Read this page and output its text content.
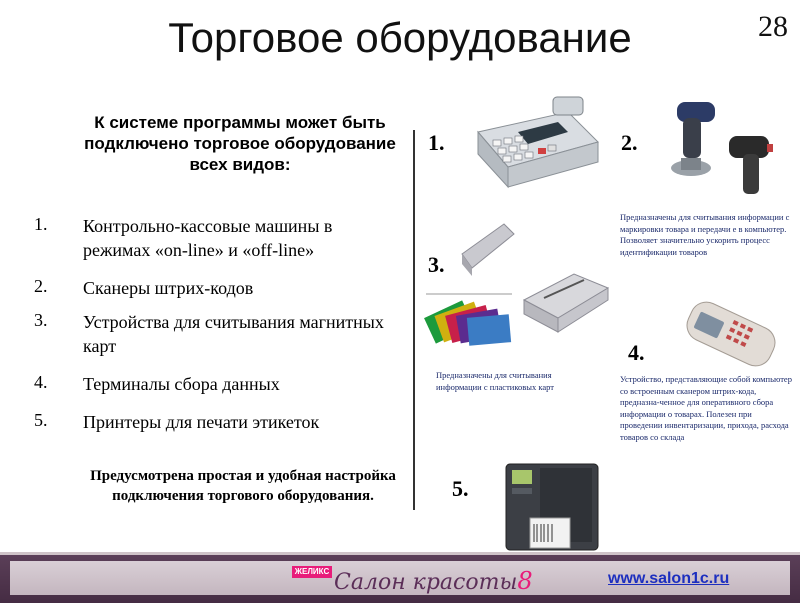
Торговое оборудование	28
К системе программы может быть подключено торговое оборудование всех видов:
1.	Контрольно-кассовые машины в режимах «on-line» и «off-line»
2.	Сканеры штрих-кодов
3.	Устройства для считывания магнитных карт
4.	Терминалы сбора данных
5.	Принтеры для печати этикеток
Предусмотрена простая и удобная настройка подключения торгового оборудования.
1.	2.
Предназначены для считывания информации с маркировки товара и передачи е в компьютер. Позволяет значительно ускорить процесс идентификации товаров
3.
Предназначены для считывания информации с пластиковых карт
4.
Устройство, представляющие собой компьютер со встроенным сканером штрих-кода, предназна-ченное для оперативного сбора информации о товарах. Полезен при проведении инвентаризации, прихода, расхода товаров со склада
5.
ЖЕЛИКС Салон красоты8	www.salon1c.ru
